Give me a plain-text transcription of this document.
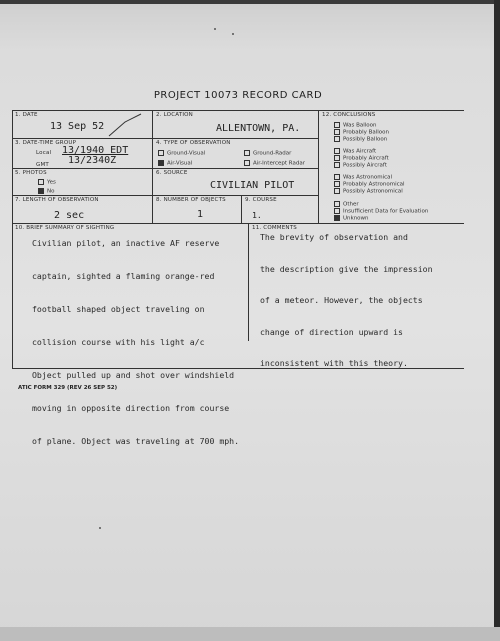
PROJECT 10073 RECORD CARD
1. DATE
13 Sep 52
2. LOCATION
ALLENTOWN, PA.
3. DATE-TIME GROUP
Local 13/1940 EDT
GMT 13/2340Z
4. TYPE OF OBSERVATION
Ground-Visual	Ground-Radar
Air-Visual	Air-Intercept Radar
5. PHOTOS
Yes
No
6. SOURCE
CIVILIAN PILOT
7. LENGTH OF OBSERVATION
2 sec
8. NUMBER OF OBJECTS
1
9. COURSE
12. CONCLUSIONS
Was Balloon
Probably Balloon
Possibly Balloon
Was Aircraft
Probably Aircraft
Possibly Aircraft
Was Astronomical
Probably Astronomical
Possibly Astronomical
Other
Insufficient Data for Evaluation
Unknown
10. BRIEF SUMMARY OF SIGHTING

Civilian pilot, an inactive AF reserve

captain, sighted a flaming orange-red

football shaped object traveling on

collision course with his light a/c

Object pulled up and shot over windshield

moving in opposite direction from course

of plane. Object was traveling at 700 mph.

11. COMMENTS
1.

The brevity of observation and

the description give the impression

of a meteor. However, the objects

change of direction upward is

inconsistent with this theory.

ATIC FORM 329 (REV 26 SEP 52)
